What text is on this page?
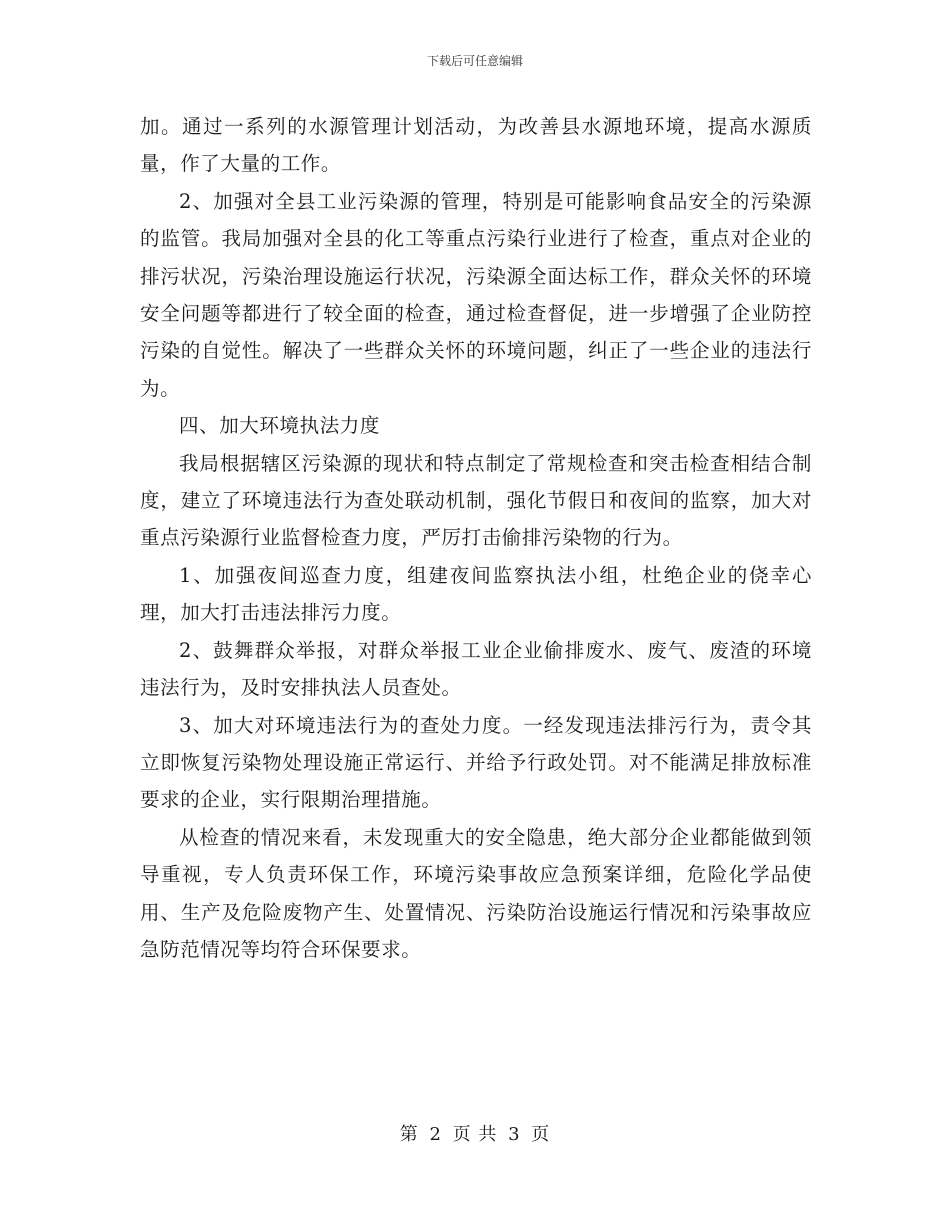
下载后可任意编辑

加。通过一系列的水源管理计划活动，为改善县水源地环境，提高水源质量，作了大量的工作。

2、加强对全县工业污染源的管理，特别是可能影响食品安全的污染源的监管。我局加强对全县的化工等重点污染行业进行了检查，重点对企业的排污状况，污染治理设施运行状况，污染源全面达标工作，群众关怀的环境安全问题等都进行了较全面的检查，通过检查督促，进一步增强了企业防控污染的自觉性。解决了一些群众关怀的环境问题，纠正了一些企业的违法行为。

四、加大环境执法力度

我局根据辖区污染源的现状和特点制定了常规检查和突击检查相结合制度，建立了环境违法行为查处联动机制，强化节假日和夜间的监察，加大对重点污染源行业监督检查力度，严厉打击偷排污染物的行为。

1、加强夜间巡查力度，组建夜间监察执法小组，杜绝企业的侥幸心理，加大打击违法排污力度。

2、鼓舞群众举报，对群众举报工业企业偷排废水、废气、废渣的环境违法行为，及时安排执法人员查处。

3、加大对环境违法行为的查处力度。一经发现违法排污行为，责令其立即恢复污染物处理设施正常运行、并给予行政处罚。对不能满足排放标准要求的企业，实行限期治理措施。

从检查的情况来看，未发现重大的安全隐患，绝大部分企业都能做到领导重视，专人负责环保工作，环境污染事故应急预案详细，危险化学品使用、生产及危险废物产生、处置情况、污染防治设施运行情况和污染事故应急防范情况等均符合环保要求。

第 2 页 共 3 页
